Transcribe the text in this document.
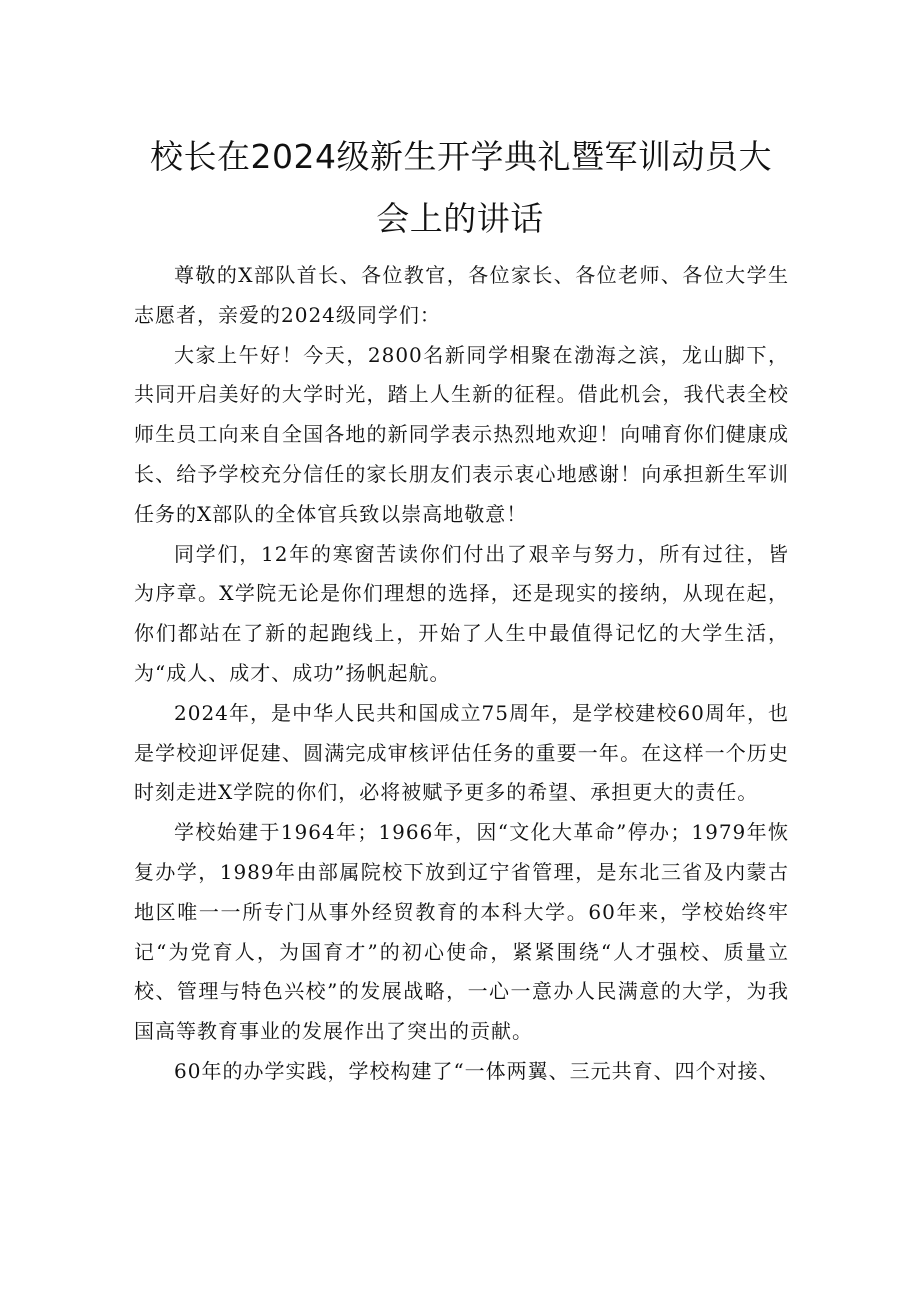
校长在2024级新生开学典礼暨军训动员大
会上的讲话

尊敬的X部队首长、各位教官，各位家长、各位老师、各位大学生志愿者，亲爱的2024级同学们：

大家上午好！今天，2800名新同学相聚在渤海之滨，龙山脚下，共同开启美好的大学时光，踏上人生新的征程。借此机会，我代表全校师生员工向来自全国各地的新同学表示热烈地欢迎！向哺育你们健康成长、给予学校充分信任的家长朋友们表示衷心地感谢！向承担新生军训任务的X部队的全体官兵致以崇高地敬意！

同学们，12年的寒窗苦读你们付出了艰辛与努力，所有过往，皆为序章。X学院无论是你们理想的选择，还是现实的接纳，从现在起，你们都站在了新的起跑线上，开始了人生中最值得记忆的大学生活，为“成人、成才、成功”扬帆起航。

2024年，是中华人民共和国成立75周年，是学校建校60周年，也是学校迎评促建、圆满完成审核评估任务的重要一年。在这样一个历史时刻走进X学院的你们，必将被赋予更多的希望、承担更大的责任。

学校始建于1964年；1966年，因“文化大革命”停办；1979年恢复办学，1989年由部属院校下放到辽宁省管理，是东北三省及内蒙古地区唯一一所专门从事外经贸教育的本科大学。60年来，学校始终牢记“为党育人，为国育才”的初心使命，紧紧围绕“人才强校、质量立校、管理与特色兴校”的发展战略，一心一意办人民满意的大学，为我国高等教育事业的发展作出了突出的贡献。

60年的办学实践，学校构建了“一体两翼、三元共育、四个对接、
